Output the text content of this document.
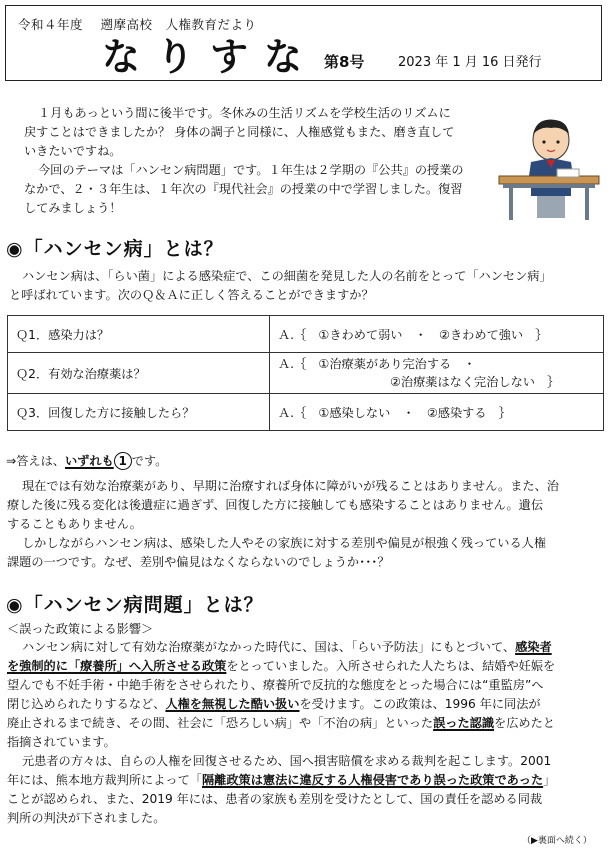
令和４年度　 遡摩高校　人権教育だより
なりすな 第8号	2023 年 1 月 16 日発行
１月もあっという間に後半です。冬休みの生活リズムを学校生活のリズムに
戻すことはできましたか？ 身体の調子と同様に、人権感覚もまた、磨き直して
いきたいですね。
今回のテーマは「ハンセン病問題」です。１年生は２学期の『公共』の授業の
なかで、２・３年生は、１年次の『現代社会』の授業の中で学習しました。復習
してみましょう！
◉「ハンセン病」とは？
ハンセン病は、「らい菌」による感染症で、この細菌を発見した人の名前をとって「ハンセン病」
と呼ばれています。次のＱ＆Ａに正しく答えることができますか？
Ｑ1．感染力は？	Ａ.｛　①きわめて弱い　・　②きわめて強い　｝
Ｑ2．有効な治療薬は？	Ａ.｛　①治療薬があり完治する　・
②治療薬はなく完治しない　｝

Ｑ3．回復した方に接触したら？	Ａ.｛　①感染しない　・　②感染する　｝
⇒答えは、いずれも 1 です。
現在では有効な治療薬があり、早期に治療すれば身体に障がいが残ることはありません。また、治
療した後に残る変化は後遺症に過ぎず、回復した方に接触しても感染することはありません。遺伝
することもありません。
しかしながらハンセン病は、感染した人やその家族に対する差別や偏見が根強く残っている人権
課題の一つです。なぜ、差別や偏見はなくならないのでしょうか･･･？
◉「ハンセン病問題」とは？
＜誤った政策による影響＞
ハンセン病に対して有効な治療薬がなかった時代に、国は、「らい予防法」にもとづいて、感染者
を強制的に「療養所」へ入所させる政策をとっていました。入所させられた人たちは、結婚や妊娠を
望んでも不妊手術・中絶手術をさせられたり、療養所で反抗的な態度をとった場合には“重監房”へ
閉じ込められたりするなど、人権を無視した酷い扱いを受けます。この政策は、1996 年に同法が
廃止されるまで続き、その間、社会に「恐ろしい病」や「不治の病」といった誤った認識を広めたと
指摘されています。
元患者の方々は、自らの人権を回復させるため、国へ損害賠償を求める裁判を起こします。2001
年には、熊本地方裁判所によって「隔離政策は憲法に違反する人権侵害であり誤った政策であった」
ことが認められ、また、2019 年には、患者の家族も差別を受けたとして、国の責任を認める同裁
判所の判決が下されました。
（▶裏面へ続く）
